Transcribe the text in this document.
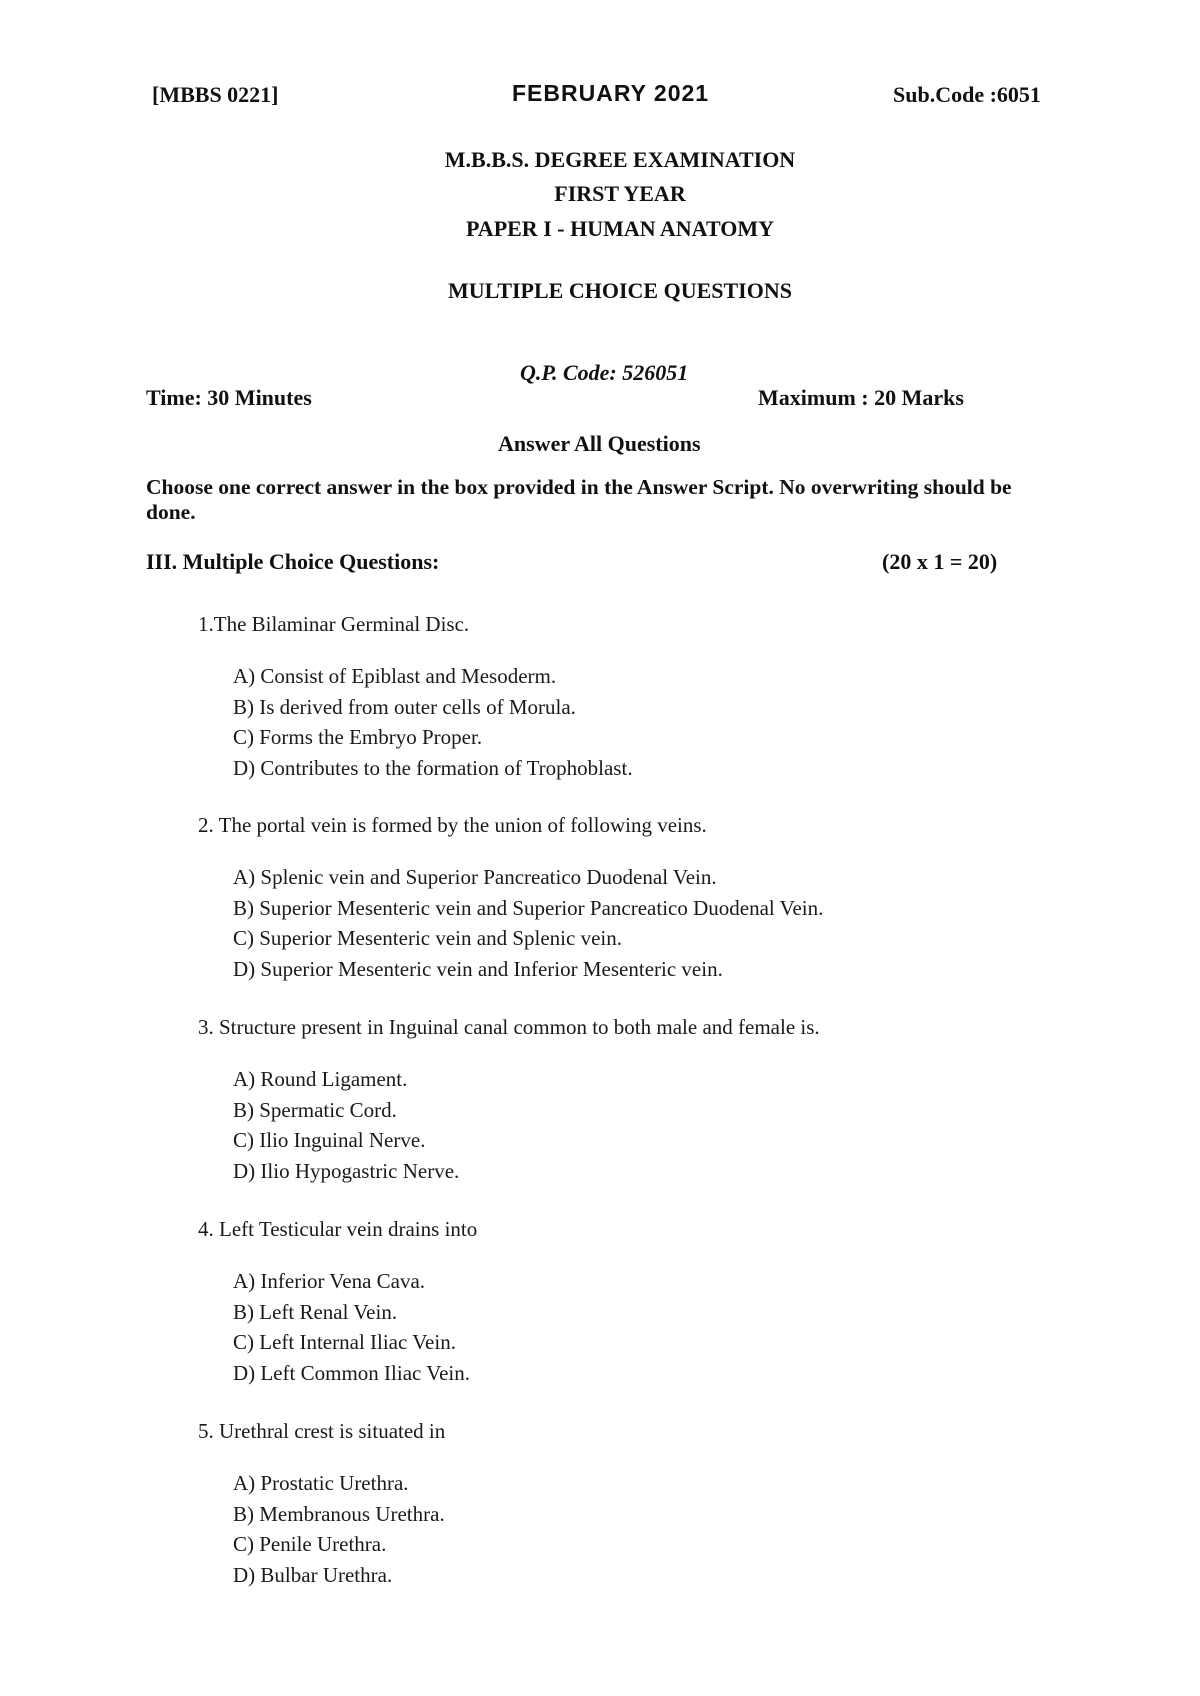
[MBBS 0221]	FEBRUARY 2021	Sub.Code :6051
M.B.B.S. DEGREE EXAMINATION
FIRST YEAR
PAPER I - HUMAN ANATOMY
MULTIPLE CHOICE QUESTIONS
Q.P. Code: 526051
Time: 30 Minutes	Maximum : 20 Marks
Answer All Questions
Choose one correct answer in the box provided in the Answer Script. No overwriting should be done.
III. Multiple Choice Questions:	(20 x 1 = 20)
1.The Bilaminar Germinal Disc.
A) Consist of Epiblast and Mesoderm.
B) Is derived from outer cells of Morula.
C) Forms the Embryo Proper.
D) Contributes to the formation of Trophoblast.
2. The portal vein is formed by the union of following veins.
A) Splenic vein and Superior Pancreatico Duodenal Vein.
B) Superior Mesenteric vein and Superior Pancreatico Duodenal Vein.
C) Superior Mesenteric vein and Splenic vein.
D) Superior Mesenteric vein and Inferior Mesenteric vein.
3. Structure present in Inguinal canal common to both male and female is.
A) Round Ligament.
B) Spermatic Cord.
C) Ilio Inguinal Nerve.
D) Ilio Hypogastric Nerve.
4. Left Testicular vein drains into
A) Inferior Vena Cava.
B) Left Renal Vein.
C) Left Internal Iliac Vein.
D) Left Common Iliac Vein.
5. Urethral crest is situated in
A) Prostatic Urethra.
B) Membranous Urethra.
C) Penile Urethra.
D) Bulbar Urethra.
